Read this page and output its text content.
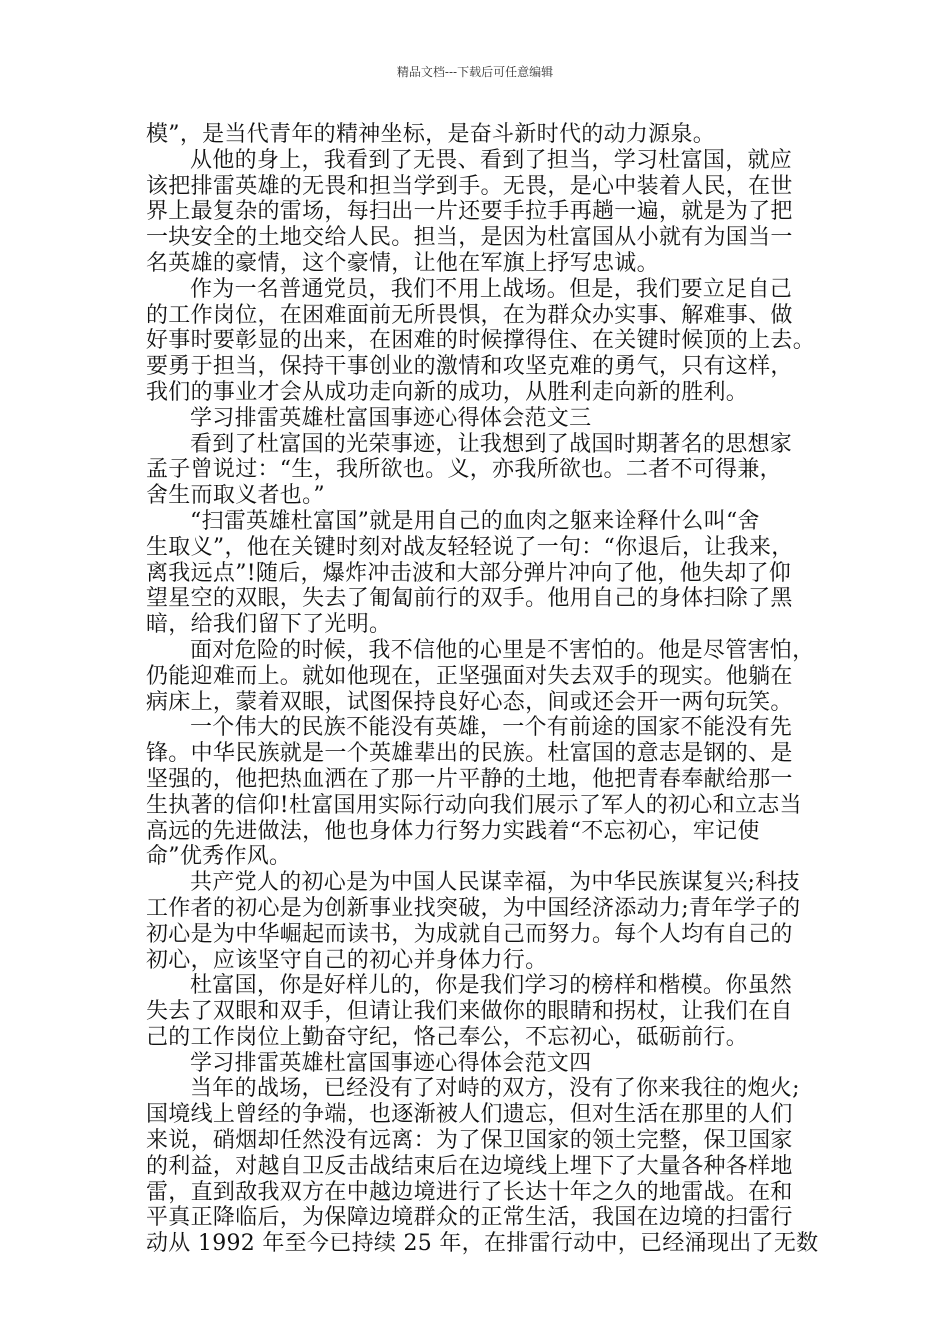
精品文档---下载后可任意编辑
模”，是当代青年的精神坐标，是奋斗新时代的动力源泉。
从他的身上，我看到了无畏、看到了担当，学习杜富国，就应
该把排雷英雄的无畏和担当学到手。无畏，是心中装着人民，在世
界上最复杂的雷场，每扫出一片还要手拉手再趟一遍，就是为了把
一块安全的土地交给人民。担当，是因为杜富国从小就有为国当一
名英雄的豪情，这个豪情，让他在军旗上抒写忠诚。
作为一名普通党员，我们不用上战场。但是，我们要立足自己
的工作岗位，在困难面前无所畏惧，在为群众办实事、解难事、做
好事时要彰显的出来，在困难的时候撑得住、在关键时候顶的上去。
要勇于担当，保持干事创业的激情和攻坚克难的勇气，只有这样，
我们的事业才会从成功走向新的成功，从胜利走向新的胜利。
学习排雷英雄杜富国事迹心得体会范文三
看到了杜富国的光荣事迹，让我想到了战国时期著名的思想家
孟子曾说过：“生，我所欲也。义，亦我所欲也。二者不可得兼，
舍生而取义者也。”
“扫雷英雄杜富国”就是用自己的血肉之躯来诠释什么叫“舍
生取义”，他在关键时刻对战友轻轻说了一句：“你退后，让我来，
离我远点”!随后，爆炸冲击波和大部分弹片冲向了他，他失却了仰
望星空的双眼，失去了匍匐前行的双手。他用自己的身体扫除了黑
暗，给我们留下了光明。
面对危险的时候，我不信他的心里是不害怕的。他是尽管害怕，
仍能迎难而上。就如他现在，正坚强面对失去双手的现实。他躺在
病床上，蒙着双眼，试图保持良好心态，间或还会开一两句玩笑。
一个伟大的民族不能没有英雄，一个有前途的国家不能没有先
锋。中华民族就是一个英雄辈出的民族。杜富国的意志是钢的、是
坚强的，他把热血洒在了那一片平静的土地，他把青春奉献给那一
生执著的信仰!杜富国用实际行动向我们展示了军人的初心和立志当
高远的先进做法，他也身体力行努力实践着“不忘初心，牢记使
命”优秀作风。
共产党人的初心是为中国人民谋幸福，为中华民族谋复兴;科技
工作者的初心是为创新事业找突破，为中国经济添动力;青年学子的
初心是为中华崛起而读书，为成就自己而努力。每个人均有自己的
初心，应该坚守自己的初心并身体力行。
杜富国，你是好样儿的，你是我们学习的榜样和楷模。你虽然
失去了双眼和双手，但请让我们来做你的眼睛和拐杖，让我们在自
己的工作岗位上勤奋守纪，恪己奉公，不忘初心，砥砺前行。
学习排雷英雄杜富国事迹心得体会范文四
当年的战场，已经没有了对峙的双方，没有了你来我往的炮火;
国境线上曾经的争端，也逐渐被人们遗忘，但对生活在那里的人们
来说，硝烟却任然没有远离：为了保卫国家的领土完整，保卫国家
的利益，对越自卫反击战结束后在边境线上埋下了大量各种各样地
雷，直到敌我双方在中越边境进行了长达十年之久的地雷战。在和
平真正降临后，为保障边境群众的正常生活，我国在边境的扫雷行
动从 1992 年至今已持续 25 年，在排雷行动中，已经涌现出了无数
